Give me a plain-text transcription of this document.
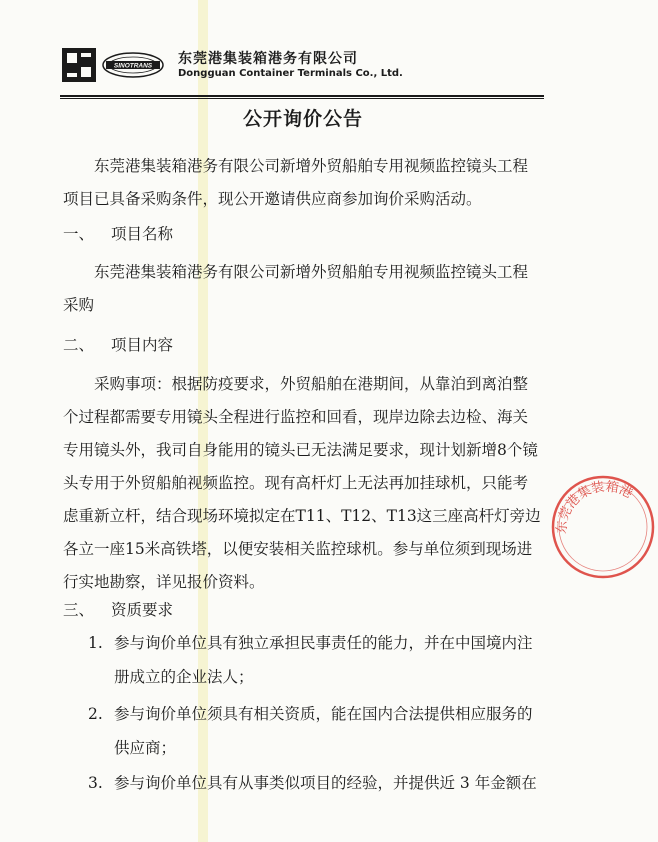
SINOTRANS 东莞港集装箱港务有限公司
Dongguan Container Terminals Co., Ltd.
公开询价公告
东莞港集装箱港务有限公司新增外贸船舶专用视频监控镜头工程项目已具备采购条件，现公开邀请供应商参加询价采购活动。
一、 项目名称
东莞港集装箱港务有限公司新增外贸船舶专用视频监控镜头工程采购
二、 项目内容
采购事项：根据防疫要求，外贸船舶在港期间，从靠泊到离泊整个过程都需要专用镜头全程进行监控和回看，现岸边除去边检、海关专用镜头外，我司自身能用的镜头已无法满足要求，现计划新增8个镜头专用于外贸船舶视频监控。现有高杆灯上无法再加挂球机，只能考虑重新立杆，结合现场环境拟定在T11、T12、T13这三座高杆灯旁边各立一座15米高铁塔，以便安装相关监控球机。参与单位须到现场进行实地勘察，详见报价资料。
三、 资质要求
1. 参与询价单位具有独立承担民事责任的能力，并在中国境内注册成立的企业法人；
2. 参与询价单位须具有相关资质，能在国内合法提供相应服务的供应商；
3. 参与询价单位具有从事类似项目的经验，并提供近 3 年金额在
东莞港集装箱港
